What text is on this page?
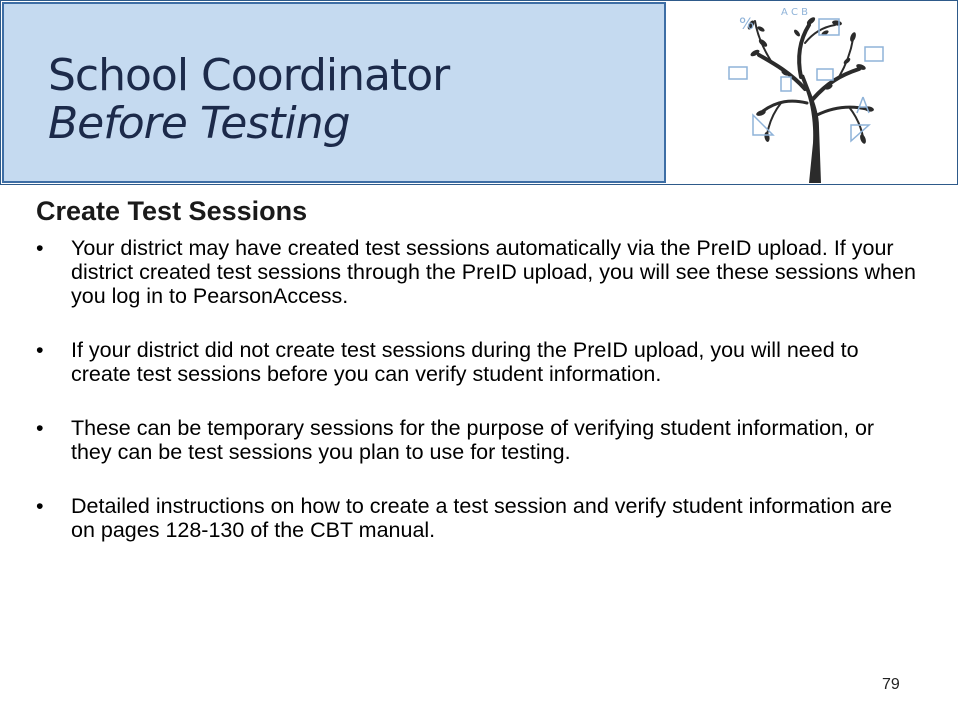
School Coordinator
Before Testing
%
A C B
Create Test Sessions
• Your district may have created test sessions automatically via the PreID upload. If your district created test sessions through the PreID upload, you will see these sessions when you log in to PearsonAccess.
• If your district did not create test sessions during the PreID upload, you will need to create test sessions before you can verify student information.
• These can be temporary sessions for the purpose of verifying student information, or they can be test sessions you plan to use for testing.
• Detailed instructions on how to create a test session and verify student information are on pages 128-130 of the CBT manual.
79
